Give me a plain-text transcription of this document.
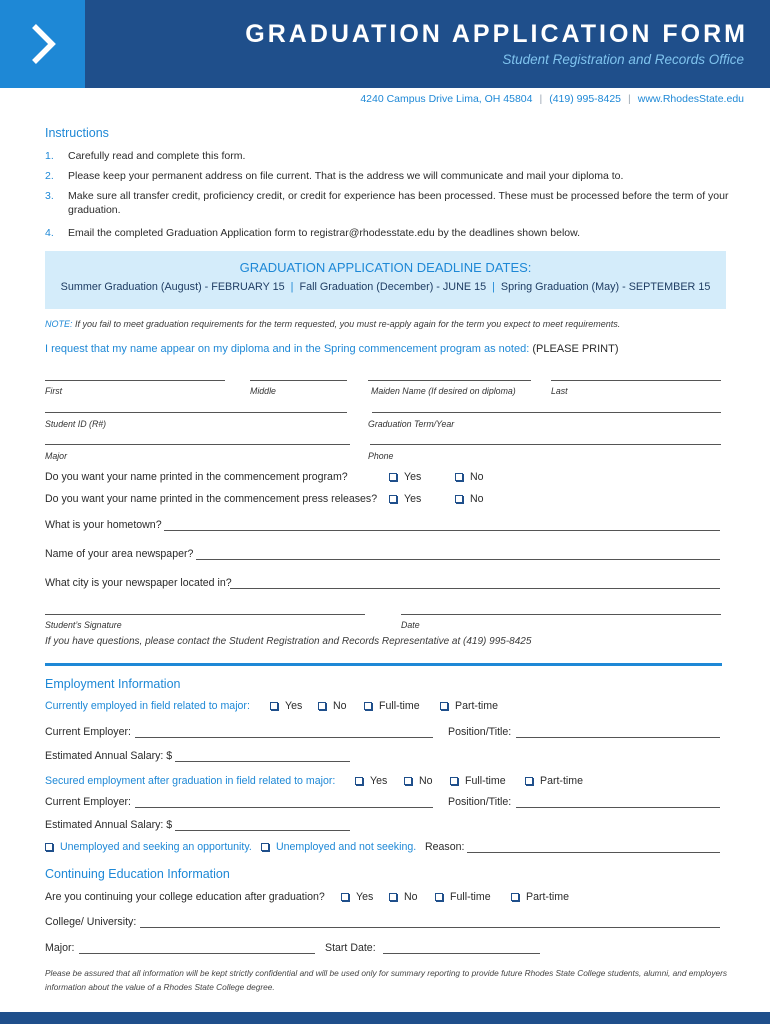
GRADUATION APPLICATION FORM
Student Registration and Records Office
4240 Campus Drive Lima, OH 45804 | (419) 995-8425 | www.RhodesState.edu
Instructions
1. Carefully read and complete this form.
2. Please keep your permanent address on file current. That is the address we will communicate and mail your diploma to.
3. Make sure all transfer credit, proficiency credit, or credit for experience has been processed. These must be processed before the term of your graduation.
4. Email the completed Graduation Application form to registrar@rhodesstate.edu by the deadlines shown below.
GRADUATION APPLICATION DEADLINE DATES:
Summer Graduation (August) - FEBRUARY 15 | Fall Graduation (December) - JUNE 15 | Spring Graduation (May) - SEPTEMBER 15
NOTE: If you fail to meet graduation requirements for the term requested, you must re-apply again for the term you expect to meet requirements.
I request that my name appear on my diploma and in the Spring commencement program as noted: (PLEASE PRINT)
First	Middle	Maiden Name (If desired on diploma)	Last
Student ID (R#)	Graduation Term/Year
Major	Phone
Do you want your name printed in the commencement program?	Yes	No
Do you want your name printed in the commencement press releases?	Yes	No
What is your hometown?
Name of your area newspaper?
What city is your newspaper located in?
Student’s Signature	Date
If you have questions, please contact the Student Registration and Records Representative at (419) 995-8425
Employment Information
Currently employed in field related to major:	Yes	No	Full-time	Part-time
Current Employer:	Position/Title:
Estimated Annual Salary: $
Secured employment after graduation in field related to major:	Yes	No	Full-time	Part-time
Current Employer:	Position/Title:
Estimated Annual Salary: $
Unemployed and seeking an opportunity.	Unemployed and not seeking. Reason:
Continuing Education Information
Are you continuing your college education after graduation?	Yes	No	Full-time	Part-time
College/ University:
Major:	Start Date:
Please be assured that all information will be kept strictly confidential and will be used only for summary reporting to provide future Rhodes State College students, alumni, and employers information about the value of a Rhodes State College degree.
